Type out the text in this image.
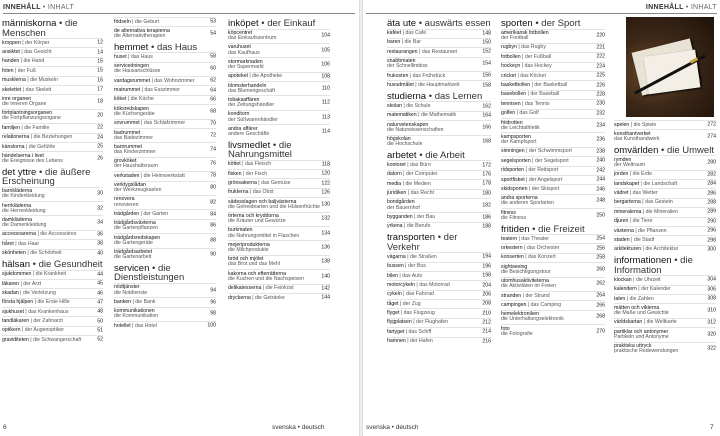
INNEHÅLL • INHALT	INNEHÅLL • INHALT
människorna • die Menschen
kroppen | der Körper	12
ansiktet | das Gesicht	14
handen | die Hand	15
foten | der Fuß	15
musklerna | die Muskeln	16
skelettet | das Skelett	17
inre organen
die inneren Organe	18
fortplantningsorganen
die Fortpflanzungsorgane	20
familjen | die Familie	22
relationerna | die Beziehungen	24
känslorna | die Gefühle	25
händelserna i livet
die Ereignisse des Lebens	26
det yttre • die äußere Erscheinung
barnkläderna
die Kinderkleidung	30
herrkläderna
die Herrenkleidung	32
damkläderna
die Damenkleidung	34
accessoarerna | die Accessoires	36
håret | das Haar	38
skönheten | die Schönheit	40
hälsan • die Gesundheit
sjukdommen | die Krankheit	44
läkaren | der Arzt	45
skadan | die Verletzung	46
första hjälpen | die Erste Hilfe	47
sjukhuset | das Krankenhaus	48
tandläkaren | der Zahnarzt	50
optikern | der Augenoptiker	51
graviditeten | die Schwangerschaft	52
födseln | die Geburt	53
de alternativa terapierna
die Alternativtherapien	54
hemmet • das Haus
huset | das Haus	58
servicedningen
die Hausanschlüsse	60
vardagsrummet | das Wohnzimmer	62
matrummet | das Esszimmer	64
köket | die Küche	66
köksredskapen
die Küchengeräte	68
sovrummet | das Schlafzimmer	70
badrummet
das Badezimmer	72
barnrummet
das Kinderzimmer	74
grovköket
der Haushaltsraum	76
verkstaden | die Heimwerkstatt	78
verktygslådan
der Werkzeugkasten	80
renovera
renovieren	82
trädgården | der Garten	84
trädgårdsväxterna
die Gartenpflanzen	86
trädgårdsredskapen
die Gartengeräte	88
trädgårdsarbetet
die Gartenarbeit	90
servicen • die Dienstleistungen
nödtjänster
die Notdienste	94
banken | die Bank	96
kommunikationen
die Kommunikation	98
hotellet | das Hotel	100
inköpet • der Einkauf
köpcentret
das Einkaufszentrum	104
varuhuset
das Kaufhaus	105
stormarknaden
der Supermarkt	106
apoteket | die Apotheke	108
blomsterhandeln
das Blumengeschäft	110
tobaksaffären
der Zeitungshändler	112
konditorn
der Süßwarenhändler	113
andra affärer
andere Geschäfte	114
livsmedlet • die Nahrungsmittel
köttet | das Fleisch	118
fisken | der Fisch	120
grönsakerna | das Gemüse	122
frukterna | das Obst	126
sädesslagen och baljväxterna
die Getreidearten und die Hülsenfrüchte 130
örterna och kryddorna
die Kräuter und Gewürze	132
burkmaten
die Nahrungsmittel in Flaschen	134
mejeriprodukterna
die Milchprodukte	136
bröd och mjölet
das Brot und das Mehl	138
kakorna och efterrätterna
die Kuchen und die Nachspeisen	140
delikatesserna | die Feinkost	142
dryckerna | die Getränke	144
äta ute • auswärts essen
kaféet | das Café	148
baren | die Bar	150
restaurangen | das Restaurant	152
snabbmaten
der Schnellimbiss	154
frukosten | das Frühstück	156
huvudmålet | die Hauptmahlzeit	158
studierna • das Lernen
skolan | die Schule	162
matematiken | die Mathematik	164
naturvetenskapen
die Naturwissenschaften	166
högskolan
die Hochschule	168
arbetet • die Arbeit
kontoret | das Büro	172
datorn | der Computer	176
media | die Medien	178
juridiken | das Recht	180
bondgården
der Bauernhof	182
bygganden | der Bau	186
yrkena | die Berufe	188
transporten • der Verkehr
vägarna | die Straßen	194
bussen | der Bus	196
bilen | das Auto	198
motorcykeln | das Motorrad	204
cykeln | das Fahrrad	206
tåget | der Zug	208
flyget | das Flugzeug	210
flygplatsen | der Flughafen	212
fartyget | das Schiff	214
hamnen | der Hafen	216
sporten • der Sport
amerikansk fotbollen
der Football	220
rugbyn | das Rugby	221
fotbollen | der Fußball	222
hockeyn | das Hockey	224
cricket | das Kricket	225
basketbollen | der Basketball	226
basebollen | der Baseball	228
tennisen | das Tennis	230
golfen | das Golf	232
friidrotten
die Leichtathletik	234
kampsporten
der Kampfsport	236
simningen | der Schwimmsport	238
segelsporten | der Segelsport	240
ridsporten | der Reitsport	242
sportfisket | der Angelsport	244
skidsporten | der Skisport	246
andra sporterna
die anderen Sportarten	248
fitness
die Fitness	250
fritiden • die Freizeit
teatern | das Theater	254
orkestern | das Orchester	256
konserten | das Konzert	258
sightseeing
die Besichtigungstour	260
utomhusaktiviteterna
die Aktivitäten im Freien	262
stranden | der Strand	264
campingen | das Camping	266
hemelektroniken
die Unterhaltungselektronik	268
foto
die Fotografie	270
spelen | die Spiele	272
konsthantverket
das Kunsthandwerk	274
omvärlden • die Umwelt
rymden
der Weltraum	280
jorden | die Erde	282
landskapet | die Landschaft	284
vädret | das Wetter	286
bergarterna | das Gestein	288
mineralerna | die Mineralien	289
djuren | die Tiere	290
växterna | die Pflanzen	296
staden | die Stadt	298
arkitekturen | die Architektur	300
informationen • die Information
klockan | die Uhrzeit	304
kalendern | der Kalender	306
talen | die Zahlen	308
mätten och vikterna
die Maße und Gewichte	310
världskartan | die Weltkarte	312
partiklar och antonymer
Partikeln und Antonyme	320
praktiska uttryck
praktische Redewendungen	322
6	svenska • deutsch	svenska • deutsch	7
